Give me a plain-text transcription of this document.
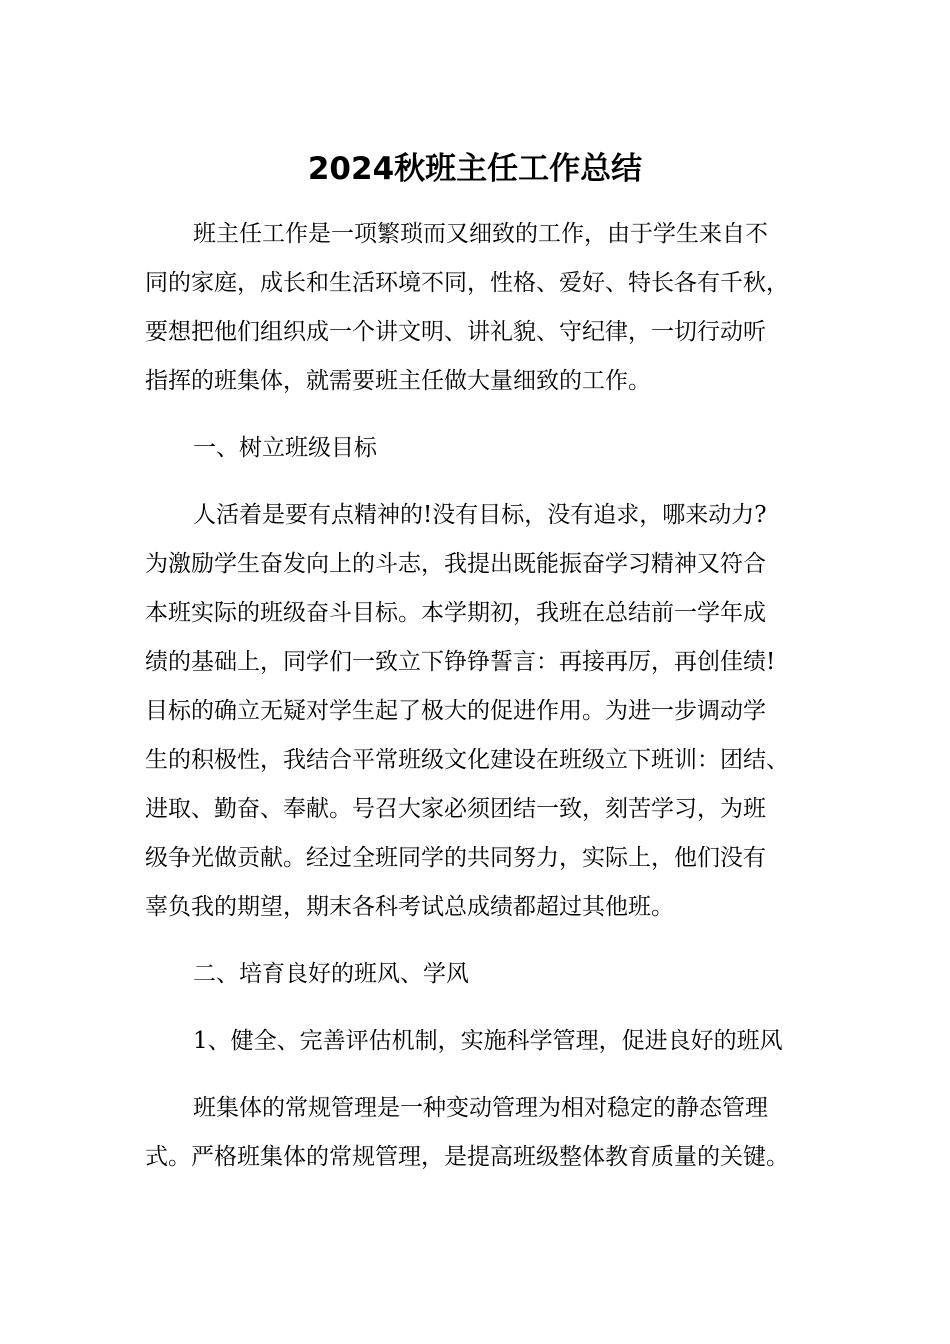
2024秋班主任工作总结

班主任工作是一项繁琐而又细致的工作，由于学生来自不

同的家庭，成长和生活环境不同，性格、爱好、特长各有千秋，

要想把他们组织成一个讲文明、讲礼貌、守纪律，一切行动听

指挥的班集体，就需要班主任做大量细致的工作。

一、树立班级目标

人活着是要有点精神的!没有目标，没有追求，哪来动力?

为激励学生奋发向上的斗志，我提出既能振奋学习精神又符合

本班实际的班级奋斗目标。本学期初，我班在总结前一学年成

绩的基础上，同学们一致立下铮铮誓言：再接再厉，再创佳绩!

目标的确立无疑对学生起了极大的促进作用。为进一步调动学

生的积极性，我结合平常班级文化建设在班级立下班训：团结、

进取、勤奋、奉献。号召大家必须团结一致，刻苦学习，为班

级争光做贡献。经过全班同学的共同努力，实际上，他们没有

辜负我的期望，期末各科考试总成绩都超过其他班。

二、培育良好的班风、学风

1、健全、完善评估机制，实施科学管理，促进良好的班风

班集体的常规管理是一种变动管理为相对稳定的静态管理

式。严格班集体的常规管理，是提高班级整体教育质量的关键。
